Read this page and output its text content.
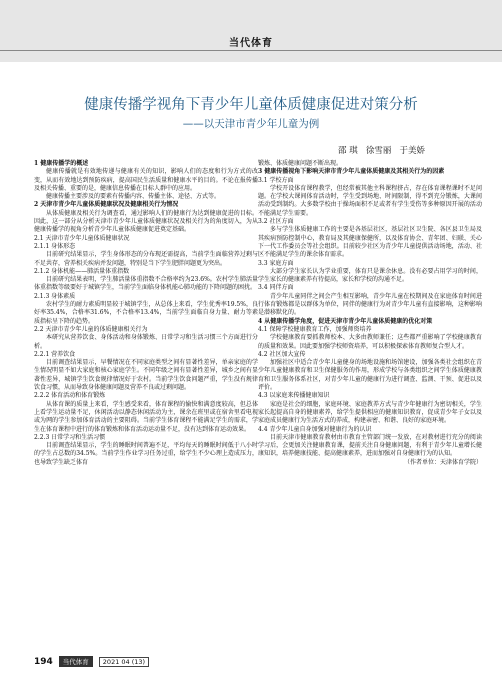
当代体育
健康传播学视角下青少年儿童体质健康促进对策分析
——以天津市青少年儿童为例
邵 琪 徐雪丽 于美娇

1 健康传播学的概述

健康传播就是有效地传递与健康有关的知识，影响人们的态度和行为方式的改变，从而有效地达到预防疾病，提高国民生活质量和健康水平的目的。不论在报传播及相关传播、重要的是，健康信息传播在目标人群中的应用。

健康传播主要涉及的要素有传播内容、传播主体、途径、方式等。

2 天津市青少年儿童体质健康状况及健康相关行为情况

从体质健康及相关行为调查看，通过影响人们的健康行为达到健康促进的目标。因此，这一部分从分析天津市青少年儿童体质健康状况及相关行为的角度切入，为从健康传播学的视角分析青少年儿童体质健康促进奠定基础。

2.1 天津市青少年儿童体质健康状况

2.1.1 身体形态

目前研究结果显示，学生身体形态的分布现还需提高，当前学生面临营养过剩与不足共存，营养相关疾病并发问题，特别是当下学生肥胖问题更为突出。

2.1.2 身体机能——肺活量体重指数

目前研究结果表明，学生肺活量体重指数不合格率约为23.6%。农村学生肺活量体重指数等级要好于城镇学生，当前学生面临身体机能心肺功能的下降问题的困扰。

2.1.3 身体素质

农村学生的耐力素质明显较于城镇学生，从总体上来看，学生优秀率19.5%，良好率35.4%，合格率31.6%，不合格率13.4%，当前学生面临自身力量、耐力等素质指标呈下降的趋势。

2.2 天津市青少年儿童的体质健康相关行为

本研究从营养饮食、身体活动和身体锻炼、日常学习和生活习惯三个方面进行分析。

2.2.1 营养饮食

目前调查结果显示，早餐情况在不同家庭类型之间有显著性差异，单亲家庭的学生情况明显不如大家庭和核心家庭学生。不同年级之间有显著性差异，城乡之间有显著性差异，城镇学生饮食规律情况好于农村。当前学生饮食问题严重，学生没有规律饮食习惯，从而导致身体健康问题及营养不良或过剩问题。

2.2.2 体育活动和体育锻炼

从体育课的质量上来看，学生感受来看，体育课程的愉快和满意度较高，但总体上看学生运动量不足，休闲活动以静态休闲活动为主，课余在班里或在宿舍里看电视或为网的学生参加体育活动的主要阻碍。当前学生体育课程不能满足学生的需求，学生在体育课程中进行的体育锻炼和体育活动运动量不足，没有达到体育运动效果。

2.2.3 日常学习和生活习惯

目前调查结果显示，学生的睡眠时间普遍不足，平均每天的睡眠时间低于八小时的学生占总数的34.5%。当前学生作业学习任务过重，给学生不少心理上造成压力，也导致学生缺乏体育

锻炼、体质健康问题不断出现。

3 健康传播视角下影响天津市青少年儿童体质健康及其相关行为的因素

3.1 学校方面

学校开设体育课程教学，但经常被其他主科课程挤占，存在体育课程课时不足问题。在学校大课间体育活动时，学生受到场地、时间限制，得不到充分锻炼，大课间活动受到制约。大多数学校由于操场面积不足或者有学生受伤等多种原因开展的活动不能满足学生需要。

3.2 社区方面

多与学生体质健康工作的主要是各基层社区，基层社区卫生院、各区县卫生局及其疾病预防控制中心，教育局及其健康保健所，以及体育协会、青年团、妇联、关心下一代工作委员会等社会组织。目前较少社区为青少年儿童提供活动场地，活动、社区不能满足学生的课余体育需求。

3.3 家庭方面

大部分学生家长认为学业重要，体育只是课余休息。没有必要占用学习的时间，学生家长的健康素养有待提高，家长和学校的沟通不足。

3.4 同伴方面

青少年儿童同伴之间会产生相互影响，青少年儿童在校期间及在家庭体育时间进行体育锻炼都是以群体为单位，同伴的健康行为对青少年儿童有直接影响，这种影响是潜移默化的。

4 从健康传播学角度，促进天津市青少年儿童体质健康的优化对策

4.1 保障学校健康教育工作，加强师资培养

学校健康教育要抓教师校本、大多由教师兼任；这些都严重影响了学校健康教育的质量和效果。因此要加强学校师资培养，可以积极探索体育教师复合型人才。

4.2 社区加大宣传

加强社区中适合青少年儿童健身的场地设施和场馆建设，加强各类社会组织在青少年儿童健康教育和卫生保健服务的作用，形成学校与各类组织之间学生体质健康教育和卫生服务体系社区，对青少年儿童的健康行为进行调查、监测、干预、促进以及评价。

4.3 以家庭来传播健康知识

家庭是社会的细胞，家庭环境、家庭教养方式与青少年健康行为密切相关，学生家长起提高自身的健康素养，给学生提供相应的健康知识教育，促成青少年子女以及家庭成员健康行为生活方式的养成，构建亲密、和谐、良好的家庭环境。

4.4 青少年儿童自身加强对健康行为的认识

目前天津市健康教育教材由市教育主管部门统一发放，在对教材进行充分的阅读学习后，会更加关注健康教育课，提前关注自身健康问题，有利于青少年儿童增长健康知识，培养健康技能、提高健康素养，进而加强对自身健康行为的认知。

（作者单位：天津体育学院）

194	当代体育	2021 04 (13)
